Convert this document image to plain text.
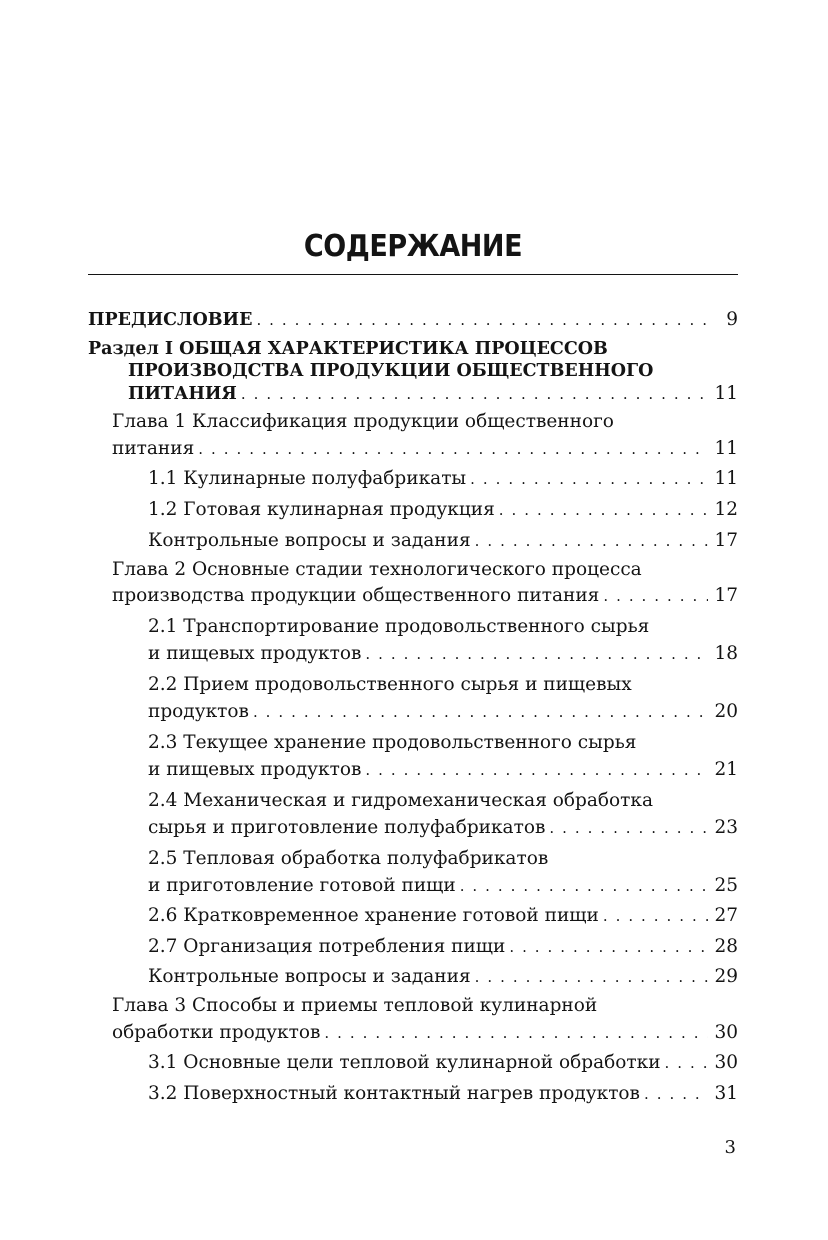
СОДЕРЖАНИЕ
ПРЕДИСЛОВИЕ . . .	9
Раздел I ОБЩАЯ ХАРАКТЕРИСТИКА ПРОЦЕССОВ
ПРОИЗВОДСТВА ПРОДУКЦИИ ОБЩЕСТВЕННОГО
ПИТАНИЯ . . .	11
Глава 1 Классификация продукции общественного
питания . . .	11
1.1 Кулинарные полуфабрикаты . . .	11
1.2 Готовая кулинарная продукция . . .	12
Контрольные вопросы и задания . . .	17
Глава 2 Основные стадии технологического процесса
производства продукции общественного питания . . .	17
2.1 Транспортирование продовольственного сырья
и пищевых продуктов . . .	18
2.2 Прием продовольственного сырья и пищевых
продуктов . . .	20
2.3 Текущее хранение продовольственного сырья
и пищевых продуктов . . .	21
2.4 Механическая и гидромеханическая обработка
сырья и приготовление полуфабрикатов . . .	23
2.5 Тепловая обработка полуфабрикатов
и приготовление готовой пищи . . .	25
2.6 Кратковременное хранение готовой пищи . . .	27
2.7 Организация потребления пищи . . .	28
Контрольные вопросы и задания . . .	29
Глава 3 Способы и приемы тепловой кулинарной
обработки продуктов . . .	30
3.1 Основные цели тепловой кулинарной обработки . . .	30
3.2 Поверхностный контактный нагрев продуктов . . .	31
3
